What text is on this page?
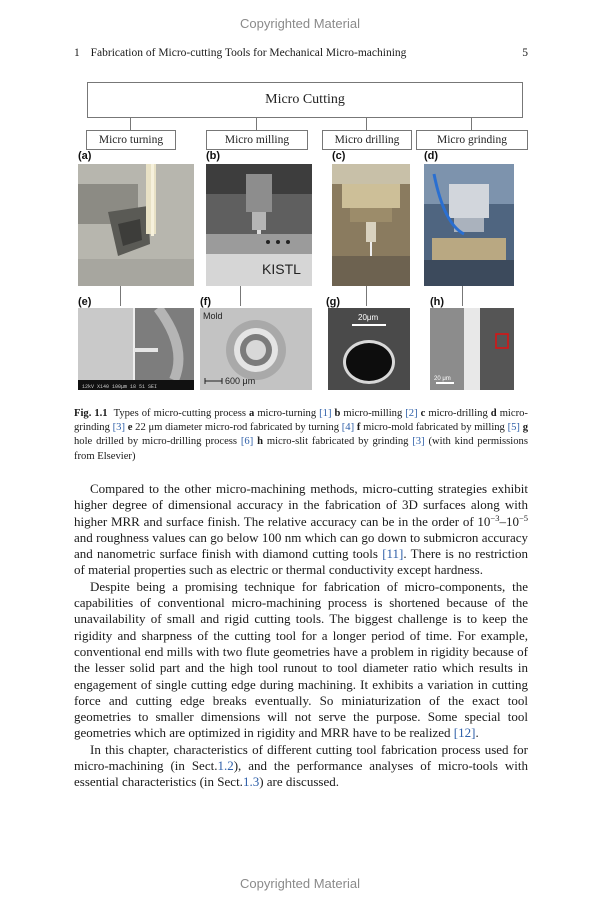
Copyrighted Material
1 Fabrication of Micro-cutting Tools for Mechanical Micro-machining	5
Micro Cutting
Micro turning	Micro milling	Micro drilling	Micro grinding
(a)	(b)	(c)	(d)
KISTL
(e)	(f)	(g)	(h)
12kV X140 100μm 18 51 SEI
Mold
600 μm
20μm
20 μm
Fig. 1.1 Types of micro-cutting process a micro-turning [1] b micro-milling [2] c micro-drilling d micro-grinding [3] e 22 μm diameter micro-rod fabricated by turning [4] f micro-mold fabricated by milling [5] g hole drilled by micro-drilling process [6] h micro-slit fabricated by grinding [3] (with kind permissions from Elsevier)

Compared to the other micro-machining methods, micro-cutting strategies exhibit higher degree of dimensional accuracy in the fabrication of 3D surfaces along with higher MRR and surface finish. The relative accuracy can be in the order of $10^{-3}-10^{-5}$ and roughness values can go below 100 nm which can go down to submicron accuracy and nanometric surface finish with diamond cutting tools [11]. There is no restriction of material properties such as electric or thermal conductivity except hardness.

Despite being a promising technique for fabrication of micro-components, the capabilities of conventional micro-machining process is shortened because of the unavailability of small and rigid cutting tools. The biggest challenge is to keep the rigidity and sharpness of the cutting tool for a longer period of time. For example, conventional end mills with two flute geometries have a problem in rigidity because of the lesser solid part and the high tool runout to tool diameter ratio which results in engagement of single cutting edge during machining. It exhibits a variation in cutting force and cutting edge breaks eventually. So miniaturization of the exact tool geometries to smaller dimensions will not serve the purpose. Some special tool geometries which are optimized in rigidity and MRR have to be realized [12].

In this chapter, characteristics of different cutting tool fabrication process used for micro-machining (in Sect.1.2), and the performance analyses of micro-tools with essential characteristics (in Sect.1.3) are discussed.

Copyrighted Material
